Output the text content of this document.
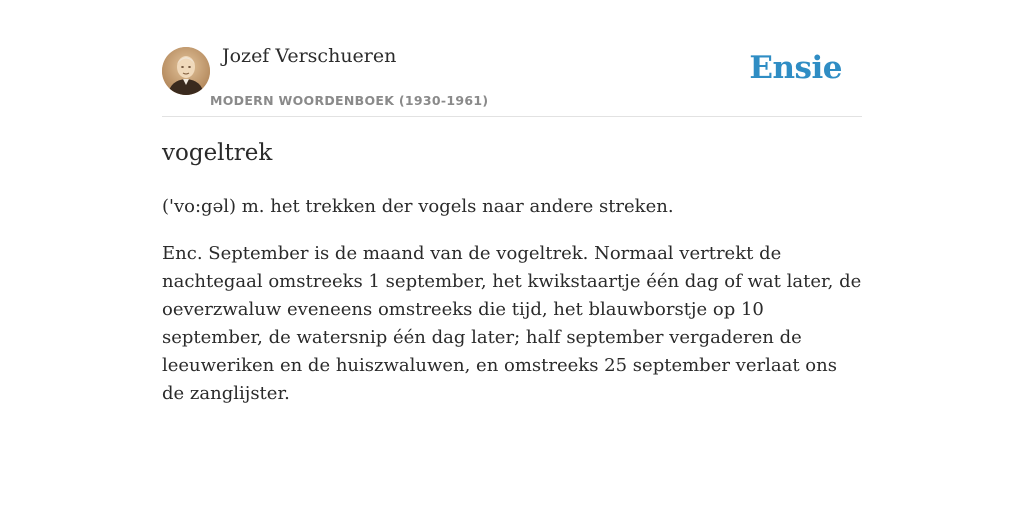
Jozef Verschueren
MODERN WOORDENBOEK (1930-1961)
Ensie
vogeltrek
('vo:gəl) m. het trekken der vogels naar andere streken.
Enc. September is de maand van de vogeltrek. Normaal vertrekt de nachtegaal omstreeks 1 september, het kwikstaartje één dag of wat later, de oeverzwaluw eveneens omstreeks die tijd, het blauwborstje op 10 september, de watersnip één dag later; half september vergaderen de leeuweriken en de huiszwaluwen, en omstreeks 25 september verlaat ons de zanglijster.
